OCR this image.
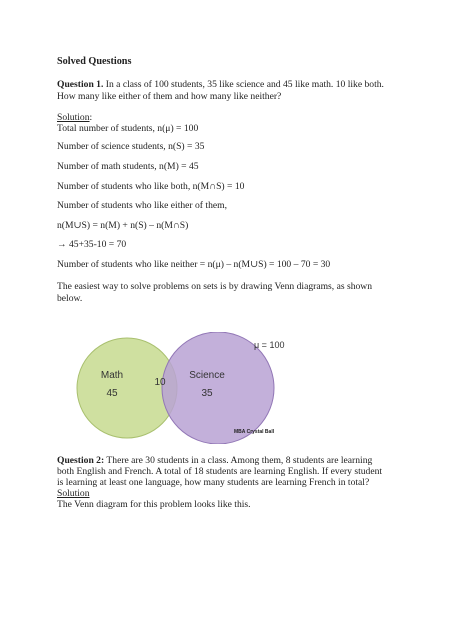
Solved Questions
Question 1. In a class of 100 students, 35 like science and 45 like math. 10 like both.
How many like either of them and how many like neither?
Solution:
Total number of students, n(μ) = 100
Number of science students, n(S) = 35
Number of math students, n(M) = 45
Number of students who like both, n(M∩S) = 10
Number of students who like either of them,
n(M∪S) = n(M) + n(S) – n(M∩S)
→ 45+35-10 = 70
Number of students who like neither = n(μ) – n(M∪S) = 100 – 70 = 30
The easiest way to solve problems on sets is by drawing Venn diagrams, as shown
below.
Math
45
10
Science
35
μ = 100
MBA Crystal Ball
Question 2: There are 30 students in a class. Among them, 8 students are learning
both English and French. A total of 18 students are learning English. If every student
is learning at least one language, how many students are learning French in total?
Solution
The Venn diagram for this problem looks like this.
